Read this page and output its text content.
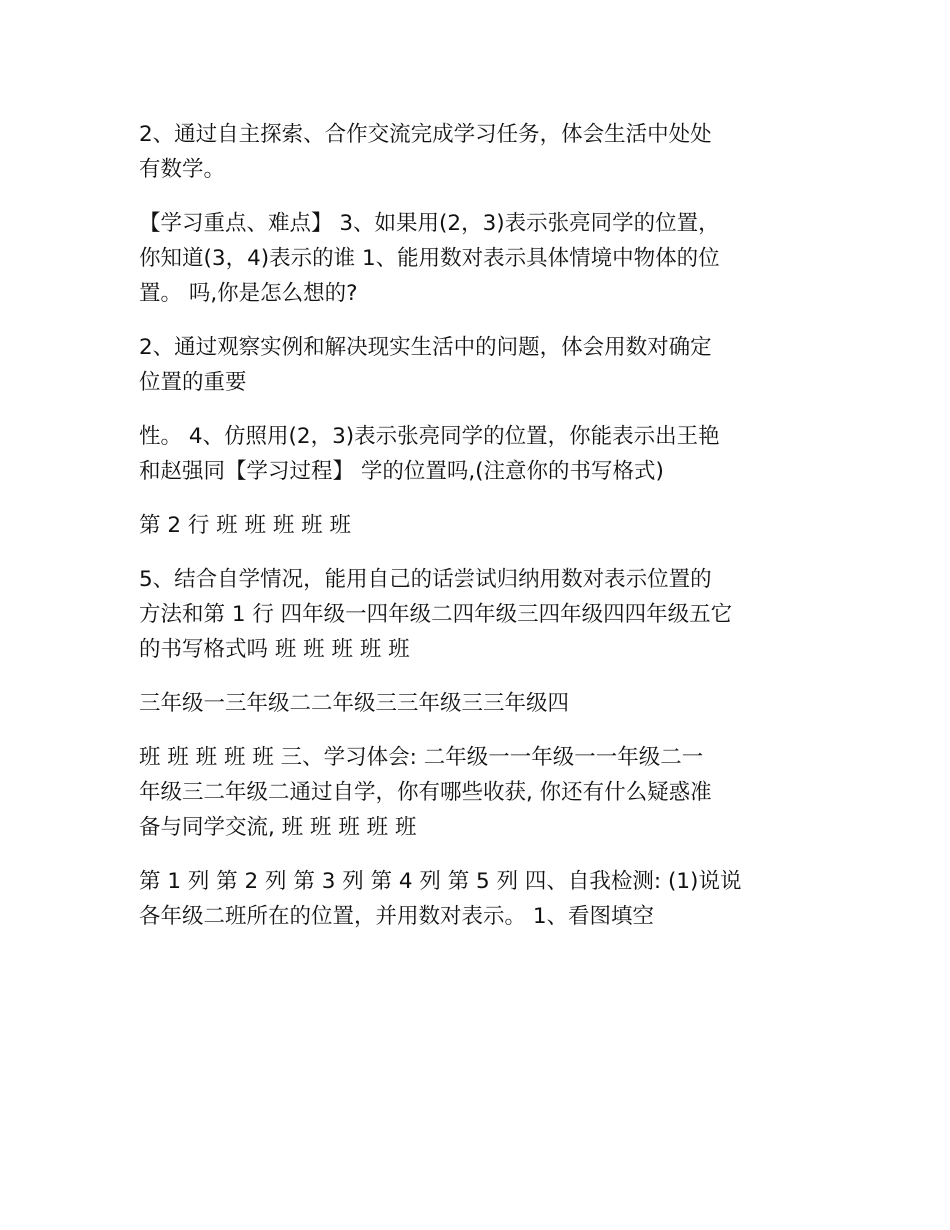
2、通过自主探索、合作交流完成学习任务，体会生活中处处
有数学。

【学习重点、难点】 3、如果用(2，3)表示张亮同学的位置，
你知道(3，4)表示的谁 1、能用数对表示具体情境中物体的位
置。 吗,你是怎么想的?

2、通过观察实例和解决现实生活中的问题，体会用数对确定
位置的重要

性。 4、仿照用(2，3)表示张亮同学的位置，你能表示出王艳
和赵强同【学习过程】 学的位置吗,(注意你的书写格式)

第 2 行 班 班 班 班 班

5、结合自学情况，能用自己的话尝试归纳用数对表示位置的
方法和第 1 行 四年级一四年级二四年级三四年级四四年级五它
的书写格式吗 班 班 班 班 班

三年级一三年级二二年级三三年级三三年级四

班 班 班 班 班 三、学习体会: 二年级一一年级一一年级二一
年级三二年级二通过自学，你有哪些收获, 你还有什么疑惑准
备与同学交流, 班 班 班 班 班

第 1 列 第 2 列 第 3 列 第 4 列 第 5 列 四、自我检测: (1)说说
各年级二班所在的位置，并用数对表示。 1、看图填空
